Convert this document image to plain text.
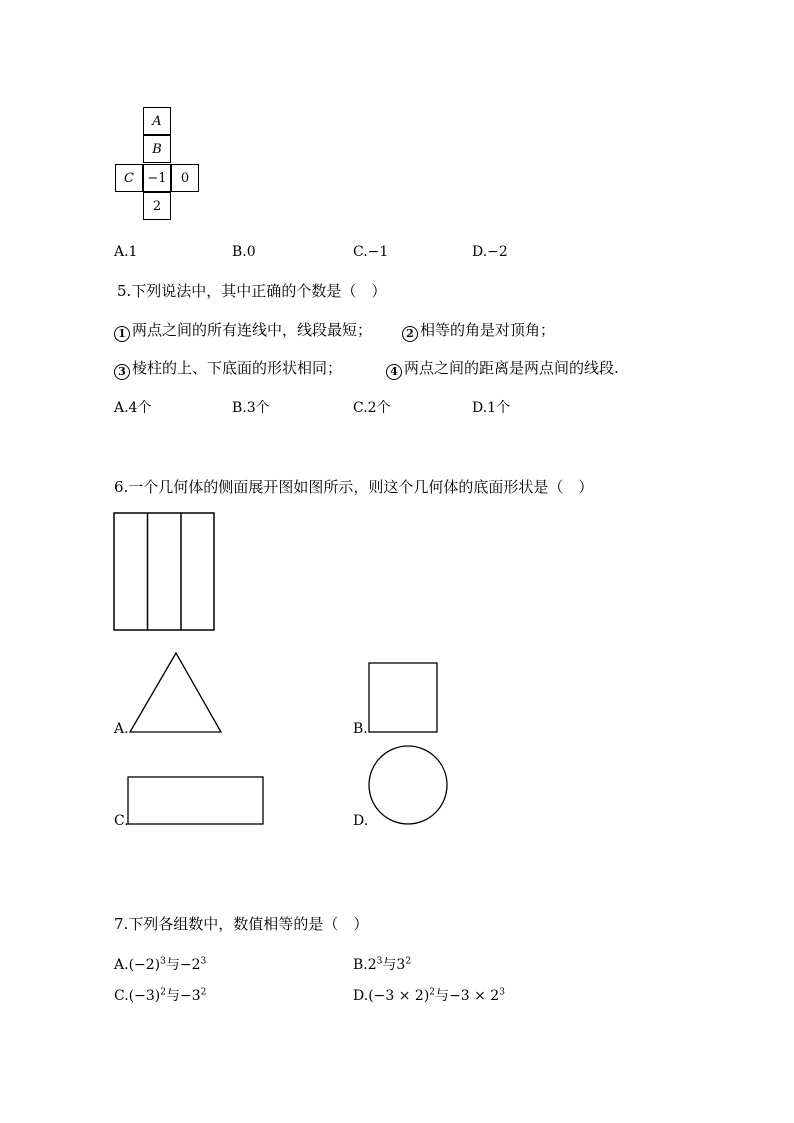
A
B
C	−1	0
2
A.1	B.0	C.−1	D.−2
5.下列说法中，其中正确的个数是（　）
1 两点之间的所有连线中，线段最短；	2 相等的角是对顶角；
3 棱柱的上、下底面的形状相同；	4 两点之间的距离是两点间的线段.
A.4个	B.3个	C.2个	D.1个
6.一个几何体的侧面展开图如图所示，则这个几何体的底面形状是（　）
A.	B.
C.	D.
7.下列各组数中，数值相等的是（　）
$A.(-2)^3$与$-2^3$	$B.2^3$与$3^2$
$C.(-3)^2$与$-3^2$	$D.(-3 \times 2)^2$与$-3 \times 2^3$
